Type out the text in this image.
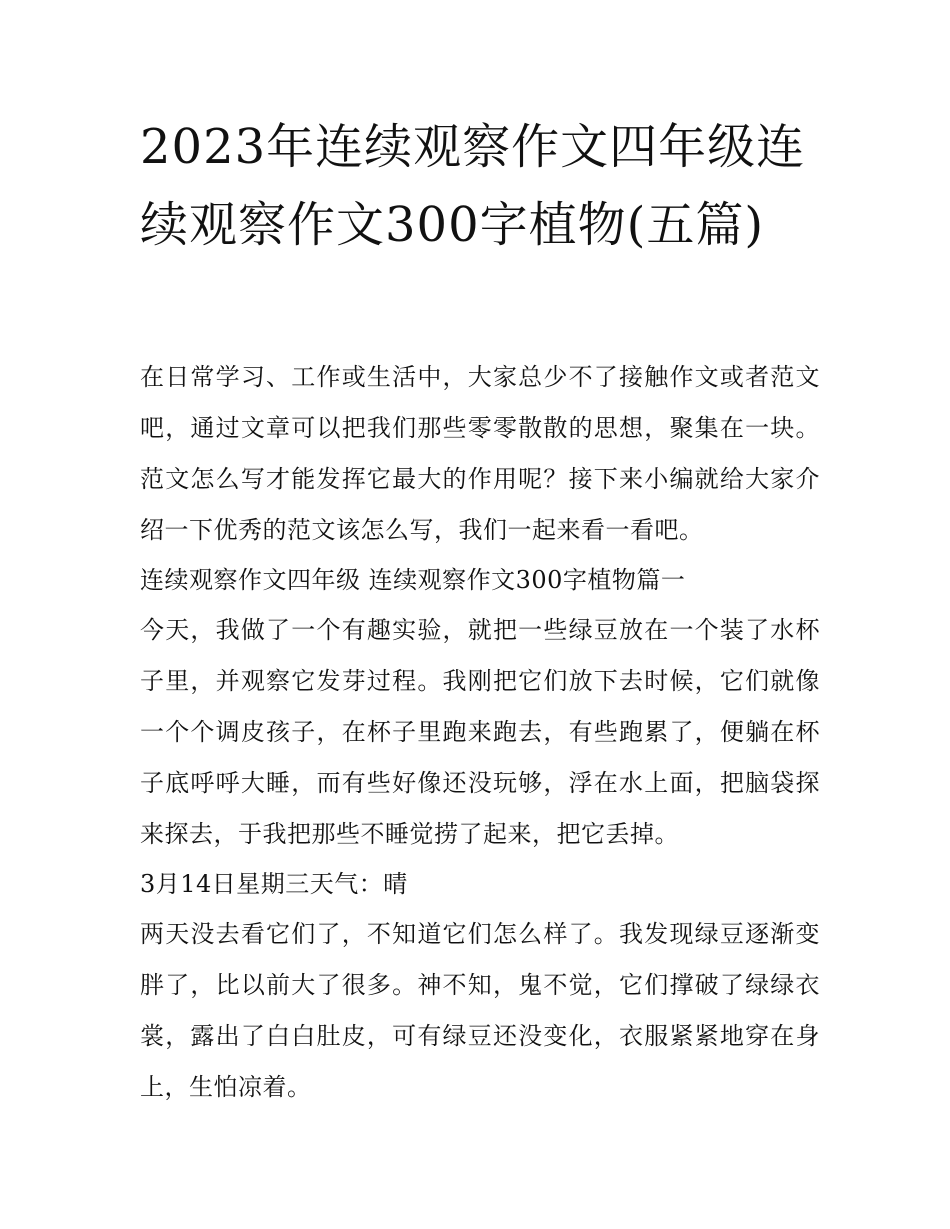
2023年连续观察作文四年级连续观察作文300字植物(五篇)

在日常学习、工作或生活中，大家总少不了接触作文或者范文吧，通过文章可以把我们那些零零散散的思想，聚集在一块。范文怎么写才能发挥它最大的作用呢？接下来小编就给大家介绍一下优秀的范文该怎么写，我们一起来看一看吧。

连续观察作文四年级 连续观察作文300字植物篇一

今天，我做了一个有趣实验，就把一些绿豆放在一个装了水杯子里，并观察它发芽过程。我刚把它们放下去时候，它们就像一个个调皮孩子，在杯子里跑来跑去，有些跑累了，便躺在杯子底呼呼大睡，而有些好像还没玩够，浮在水上面，把脑袋探来探去，于我把那些不睡觉捞了起来，把它丢掉。

3月14日星期三天气：晴

两天没去看它们了，不知道它们怎么样了。我发现绿豆逐渐变胖了，比以前大了很多。神不知，鬼不觉，它们撑破了绿绿衣裳，露出了白白肚皮，可有绿豆还没变化，衣服紧紧地穿在身上，生怕凉着。
